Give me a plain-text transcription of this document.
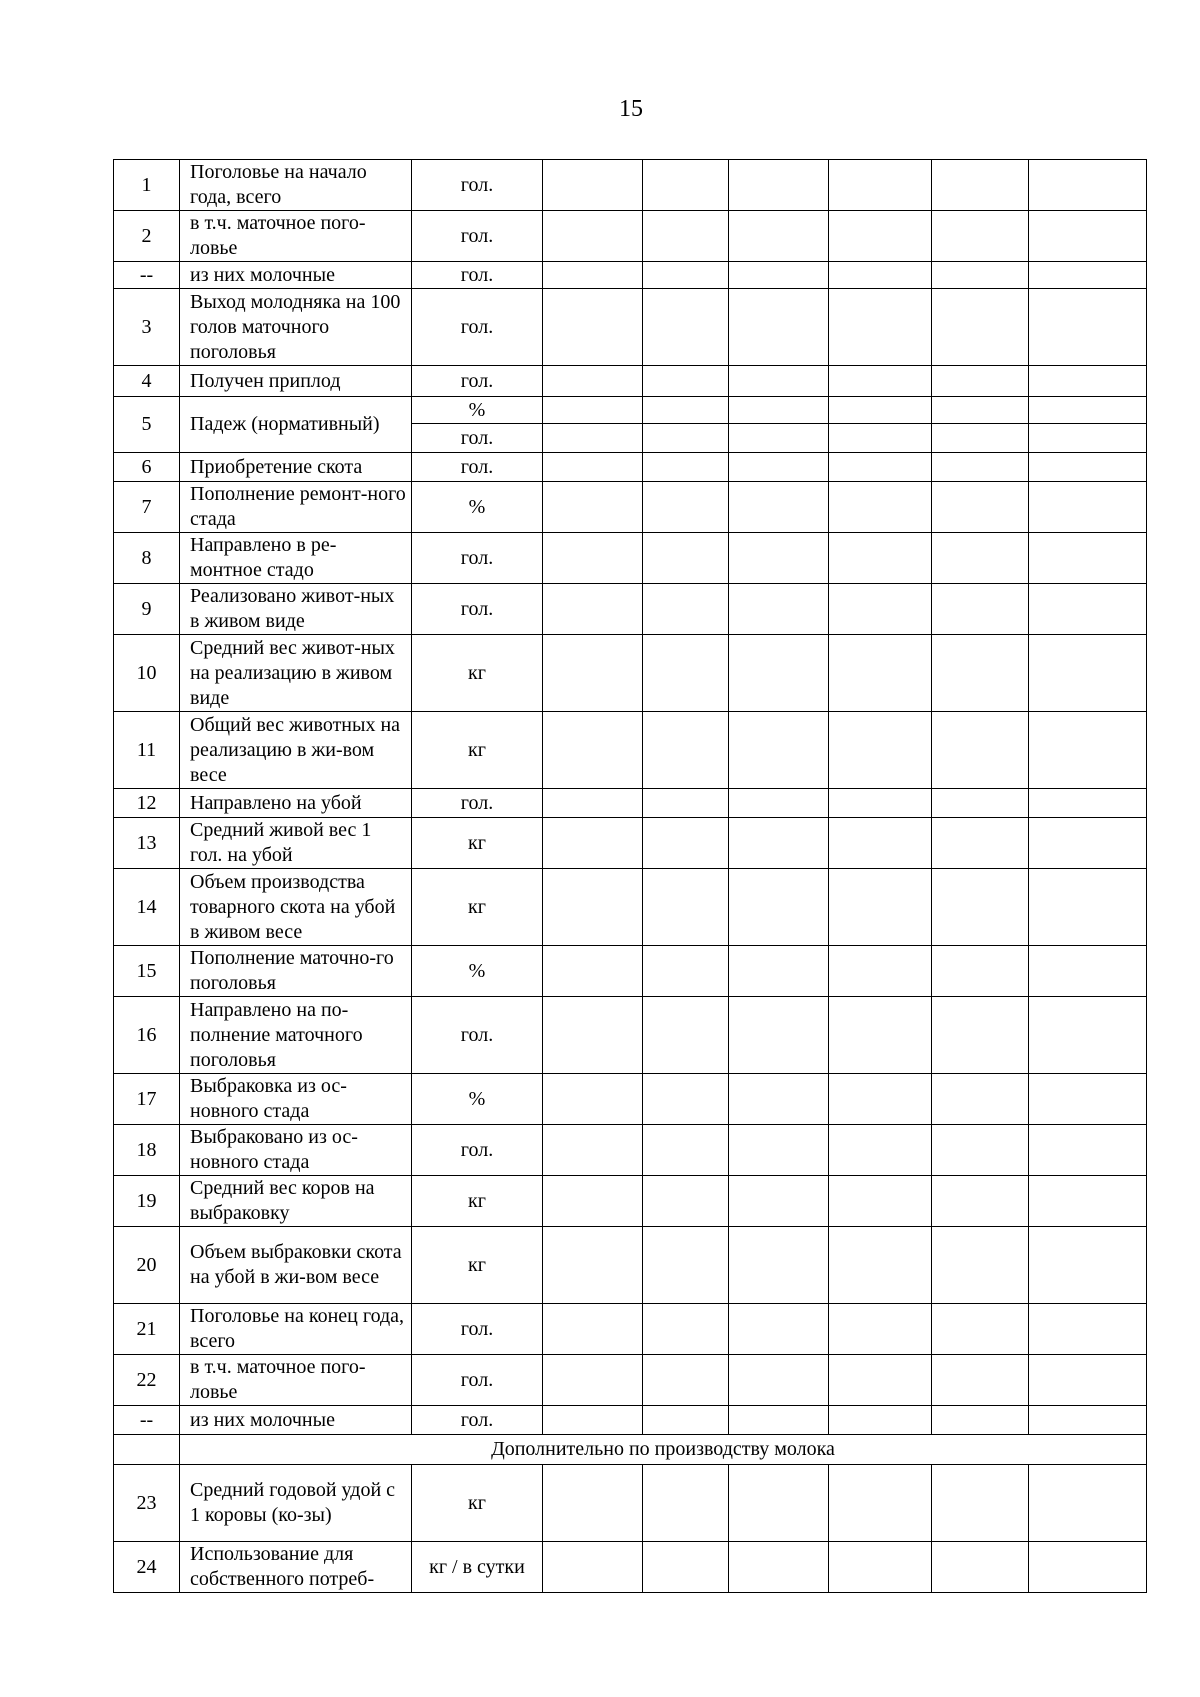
15
1	Поголовье на начало года, всего	гол.						
2	в т.ч. маточное пого-ловье	гол.						
--	из них молочные	гол.						
3	Выход молодняка на 100 голов маточного поголовья	гол.						
4	Получен приплод	гол.						
5	Падеж (нормативный)	%						
		гол.						
6	Приобретение скота	гол.						
7	Пополнение ремонт-ного стада	%						
8	Направлено в ре-монтное стадо	гол.						
9	Реализовано живот-ных в живом виде	гол.						
10	Средний вес живот-ных на реализацию в живом виде	кг						
11	Общий вес животных на реализацию в жи-вом весе	кг						
12	Направлено на убой	гол.						
13	Средний живой вес 1 гол. на убой	кг						
14	Объем производства товарного скота на убой в живом весе	кг						
15	Пополнение маточно-го поголовья	%						
16	Направлено на по-полнение маточного поголовья	гол.						
17	Выбраковка из ос-новного стада	%						
18	Выбраковано из ос-новного стада	гол.						
19	Средний вес коров на выбраковку	кг						
20	Объем выбраковки скота на убой в жи-вом весе	кг						
21	Поголовье на конец года, всего	гол.						
22	в т.ч. маточное пого-ловье	гол.						
--	из них молочные	гол.						
	Дополнительно по производству молока							
23	Средний годовой удой с 1 коровы (ко-зы)	кг						
24	Использование для собственного потреб-	кг / в сутки						
